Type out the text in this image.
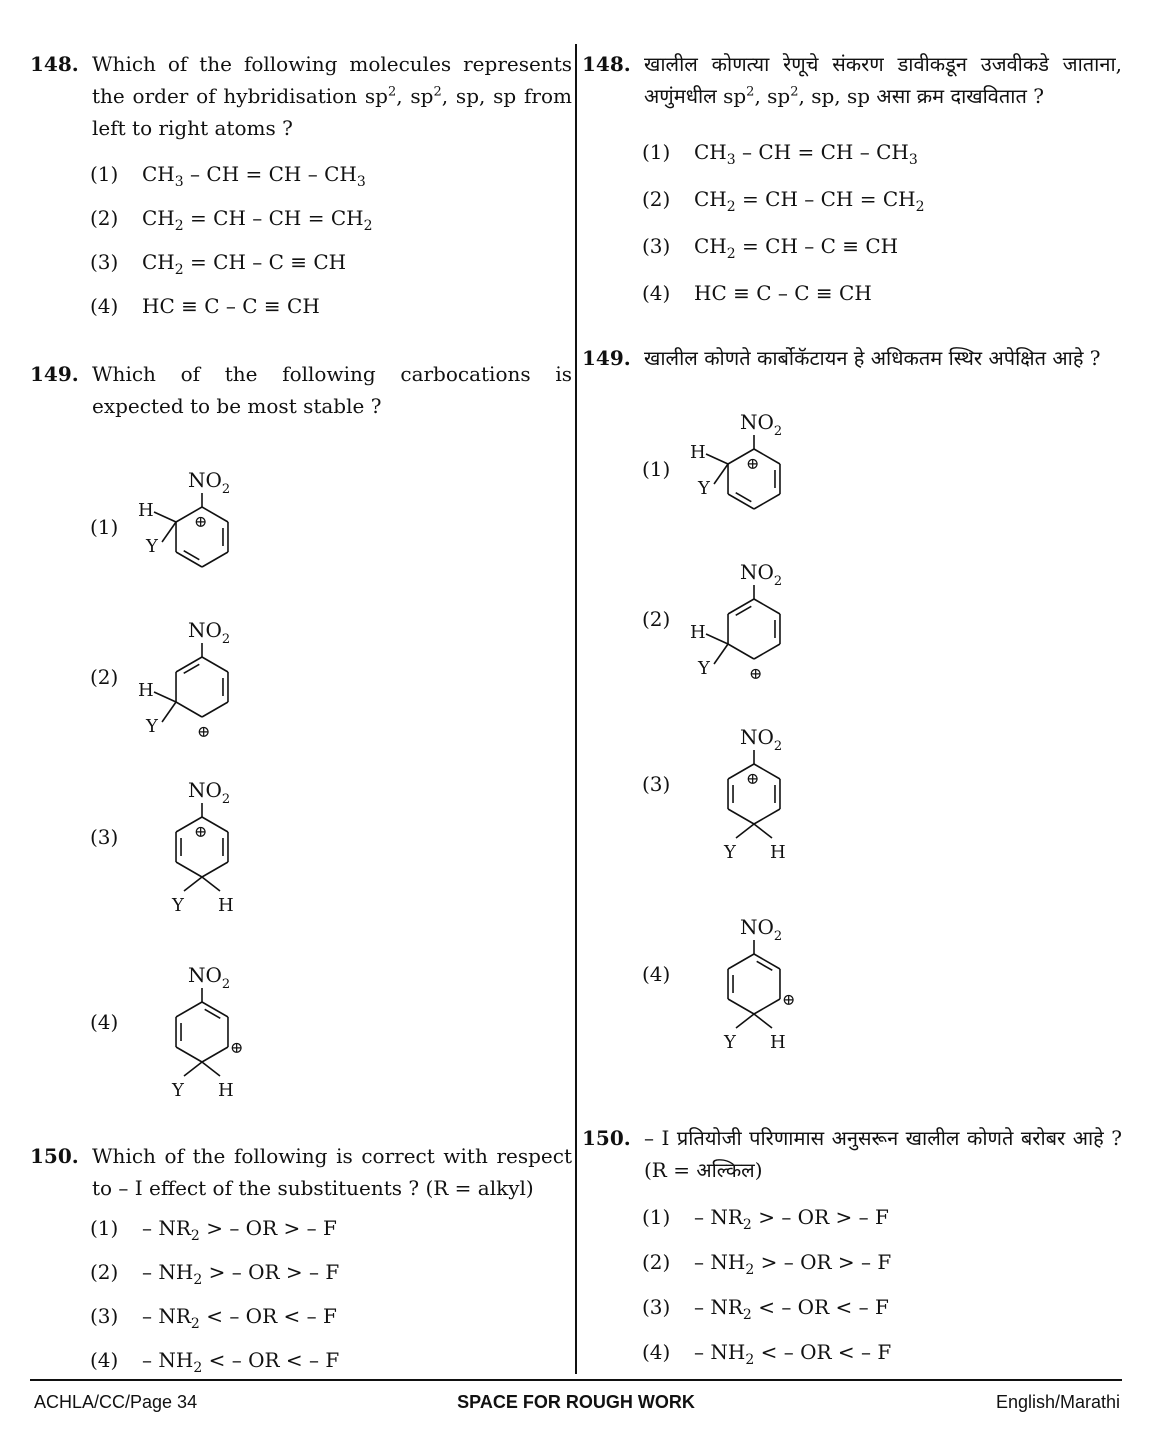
148. Which of the following molecules represents the order of hybridisation $sp^2$, $sp^2$, sp, sp from left to right atoms ?
(1)	$CH_3$ – CH = CH – $CH_3$
(2)	$CH_2$ = CH – CH = $CH_2$
(3)	$CH_2$ = CH – C ≡ CH
(4)	HC ≡ C – C ≡ CH
149. Which of the following carbocations is expected to be most stable ?
(1)
$NO_2$
H
Y
⊕
(2)
$NO_2$
H
Y ⊕
(3)
$NO_2$
Y H
⊕
(4)
$NO_2$
Y H
⊕
150. Which of the following is correct with respect to – I effect of the substituents ? (R = alkyl)
(1)	– $NR_2$ > – OR > – F
(2)	– $NH_2$ > – OR > – F
(3)	– $NR_2$ < – OR < – F
(4)	– $NH_2$ < – OR < – F
148. खालील कोणत्या रेणूचे संकरण डावीकडून उजवीकडे जाताना, अणुंमधील $sp^2$, $sp^2$, sp, sp असा क्रम दाखवितात ?
(1)	$CH_3$ – CH = CH – $CH_3$
(2)	$CH_2$ = CH – CH = $CH_2$
(3)	$CH_2$ = CH – C ≡ CH
(4)	HC ≡ C – C ≡ CH
149. खालील कोणते कार्बोकॅटायन हे अधिकतम स्थिर अपेक्षित आहे ?
(1)
$NO_2$
H
Y
⊕
(2)
$NO_2$
H
Y ⊕
(3)
$NO_2$
Y H
⊕
(4)
$NO_2$
Y H
⊕
150. – I प्रतियोजी परिणामास अनुसरून खालील कोणते बरोबर आहे ? (R = अल्किल)
(1)	– $NR_2$ > – OR > – F
(2)	– $NH_2$ > – OR > – F
(3)	– $NR_2$ < – OR < – F
(4)	– $NH_2$ < – OR < – F
ACHLA/CC/Page 34	SPACE FOR ROUGH WORK	English/Marathi
